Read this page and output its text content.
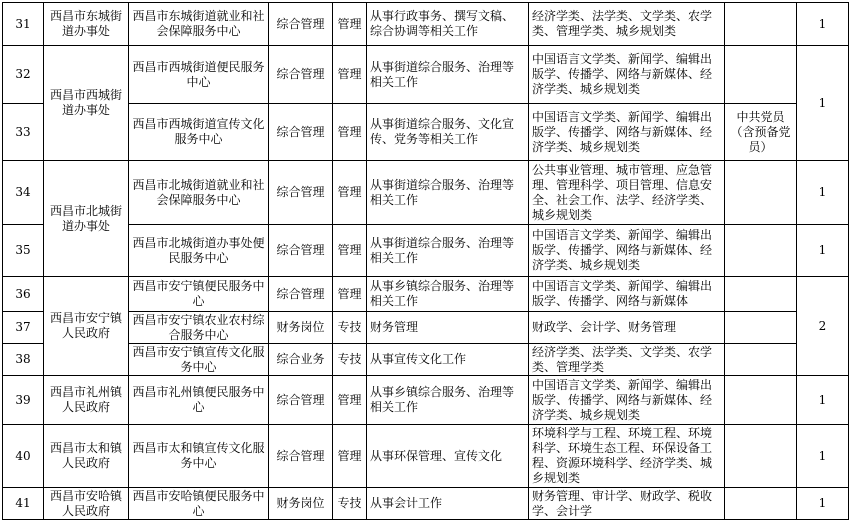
31	西昌市东城街道办事处	西昌市东城街道就业和社会保障服务中心	综合管理	管理	从事行政事务、撰写文稿、综合协调等相关工作	经济学类、法学类、文学类、农学类、管理学类、城乡规划类		1
32	西昌市西城街道办事处	西昌市西城街道便民服务中心	综合管理	管理	从事街道综合服务、治理等相关工作	中国语言文学类、新闻学、编辑出版学、传播学、网络与新媒体、经济学类、城乡规划类		1
33		西昌市西城街道宣传文化服务中心	综合管理	管理	从事街道综合服务、文化宣传、党务等相关工作	中国语言文学类、新闻学、编辑出版学、传播学、网络与新媒体、经济学类、城乡规划类	中共党员（含预备党员）	
34	西昌市北城街道办事处	西昌市北城街道就业和社会保障服务中心	综合管理	管理	从事街道综合服务、治理等相关工作	公共事业管理、城市管理、应急管理、管理科学、项目管理、信息安全、社会工作、法学、经济学类、城乡规划类		1
35		西昌市北城街道办事处便民服务中心	综合管理	管理	从事街道综合服务、治理等相关工作	中国语言文学类、新闻学、编辑出版学、传播学、网络与新媒体、经济学类、城乡规划类		1
36	西昌市安宁镇人民政府	西昌市安宁镇便民服务中心	综合管理	管理	从事乡镇综合服务、治理等相关工作	中国语言文学类、新闻学、编辑出版学、传播学、网络与新媒体		2
37		西昌市安宁镇农业农村综合服务中心	财务岗位	专技	财务管理	财政学、会计学、财务管理		
38		西昌市安宁镇宣传文化服务中心	综合业务	专技	从事宣传文化工作	经济学类、法学类、文学类、农学类、管理学类		
39	西昌市礼州镇人民政府	西昌市礼州镇便民服务中心	综合管理	管理	从事乡镇综合服务、治理等相关工作	中国语言文学类、新闻学、编辑出版学、传播学、网络与新媒体、经济学类、城乡规划类		1
40	西昌市太和镇人民政府	西昌市太和镇宣传文化服务中心	综合管理	管理	从事环保管理、宣传文化	环境科学与工程、环境工程、环境科学、环境生态工程、环保设备工程、资源环境科学、经济学类、城乡规划类		1
41	西昌市安哈镇人民政府	西昌市安哈镇便民服务中心	财务岗位	专技	从事会计工作	财务管理、审计学、财政学、税收学、会计学		1
